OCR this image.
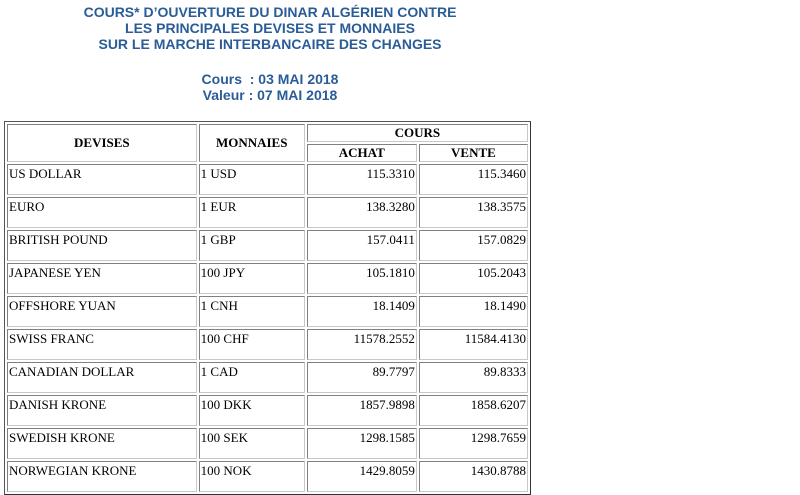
COURS* D’OUVERTURE DU DINAR ALGÉRIEN CONTRE
LES PRINCIPALES DEVISES ET MONNAIES
SUR LE MARCHE INTERBANCAIRE DES CHANGES
Cours  : 03 MAI 2018
Valeur : 07 MAI 2018
DEVISES	MONNAIES	COURS	
		ACHAT	VENTE
US DOLLAR	1 USD	115.3310	115.3460
EURO	1 EUR	138.3280	138.3575
BRITISH POUND	1 GBP	157.0411	157.0829
JAPANESE YEN	100 JPY	105.1810	105.2043
OFFSHORE YUAN	1 CNH	18.1409	18.1490
SWISS FRANC	100 CHF	11578.2552	11584.4130
CANADIAN DOLLAR	1 CAD	89.7797	89.8333
DANISH KRONE	100 DKK	1857.9898	1858.6207
SWEDISH KRONE	100 SEK	1298.1585	1298.7659
NORWEGIAN KRONE	100 NOK	1429.8059	1430.8788
